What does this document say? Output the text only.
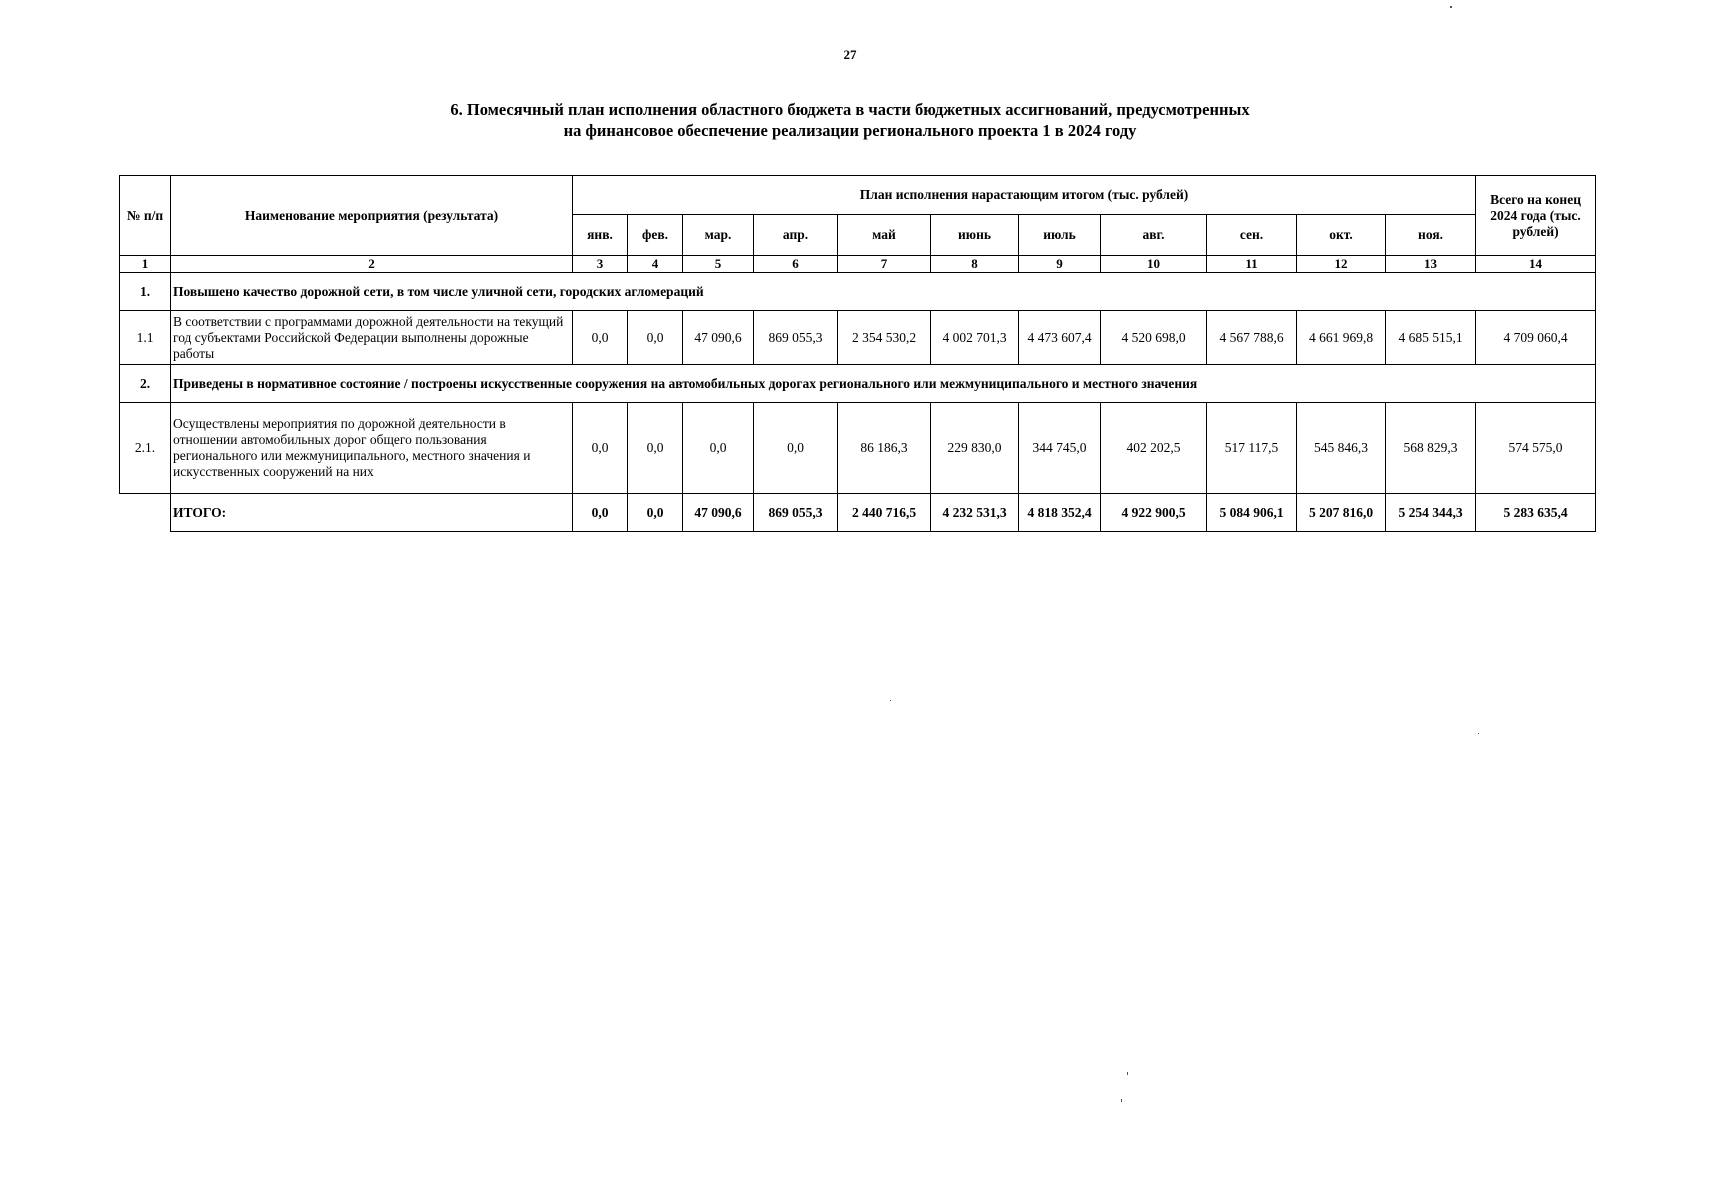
27
6. Помесячный план исполнения областного бюджета в части бюджетных ассигнований, предусмотренных
на финансовое обеспечение реализации регионального проекта 1 в 2024 году
№ п/п	Наименование мероприятия (результата)	План исполнения нарастающим итогом (тыс. рублей)											Всего на конец 2024 года (тыс. рублей)
		янв.	фев.	мар.	апр.	май	июнь	июль	авг.	сен.	окт.	ноя.	
1	2	3	4	5	6	7	8	9	10	11	12	13	14
1.	Повышено качество дорожной сети, в том числе уличной сети, городских агломераций												
1.1	В соответствии с программами дорожной деятельности на текущий год субъектами Российской Федерации выполнены дорожные работы	0,0	0,0	47 090,6	869 055,3	2 354 530,2	4 002 701,3	4 473 607,4	4 520 698,0	4 567 788,6	4 661 969,8	4 685 515,1	4 709 060,4
2.	Приведены в нормативное состояние / построены искусственные сооружения на автомобильных дорогах регионального или межмуниципального и местного значения												
2.1.	Осуществлены мероприятия по дорожной деятельности в отношении автомобильных дорог общего пользования регионального или межмуниципального, местного значения и искусственных сооружений на них	0,0	0,0	0,0	0,0	86 186,3	229 830,0	344 745,0	402 202,5	517 117,5	545 846,3	568 829,3	574 575,0
	ИТОГО:	0,0	0,0	47 090,6	869 055,3	2 440 716,5	4 232 531,3	4 818 352,4	4 922 900,5	5 084 906,1	5 207 816,0	5 254 344,3	5 283 635,4
